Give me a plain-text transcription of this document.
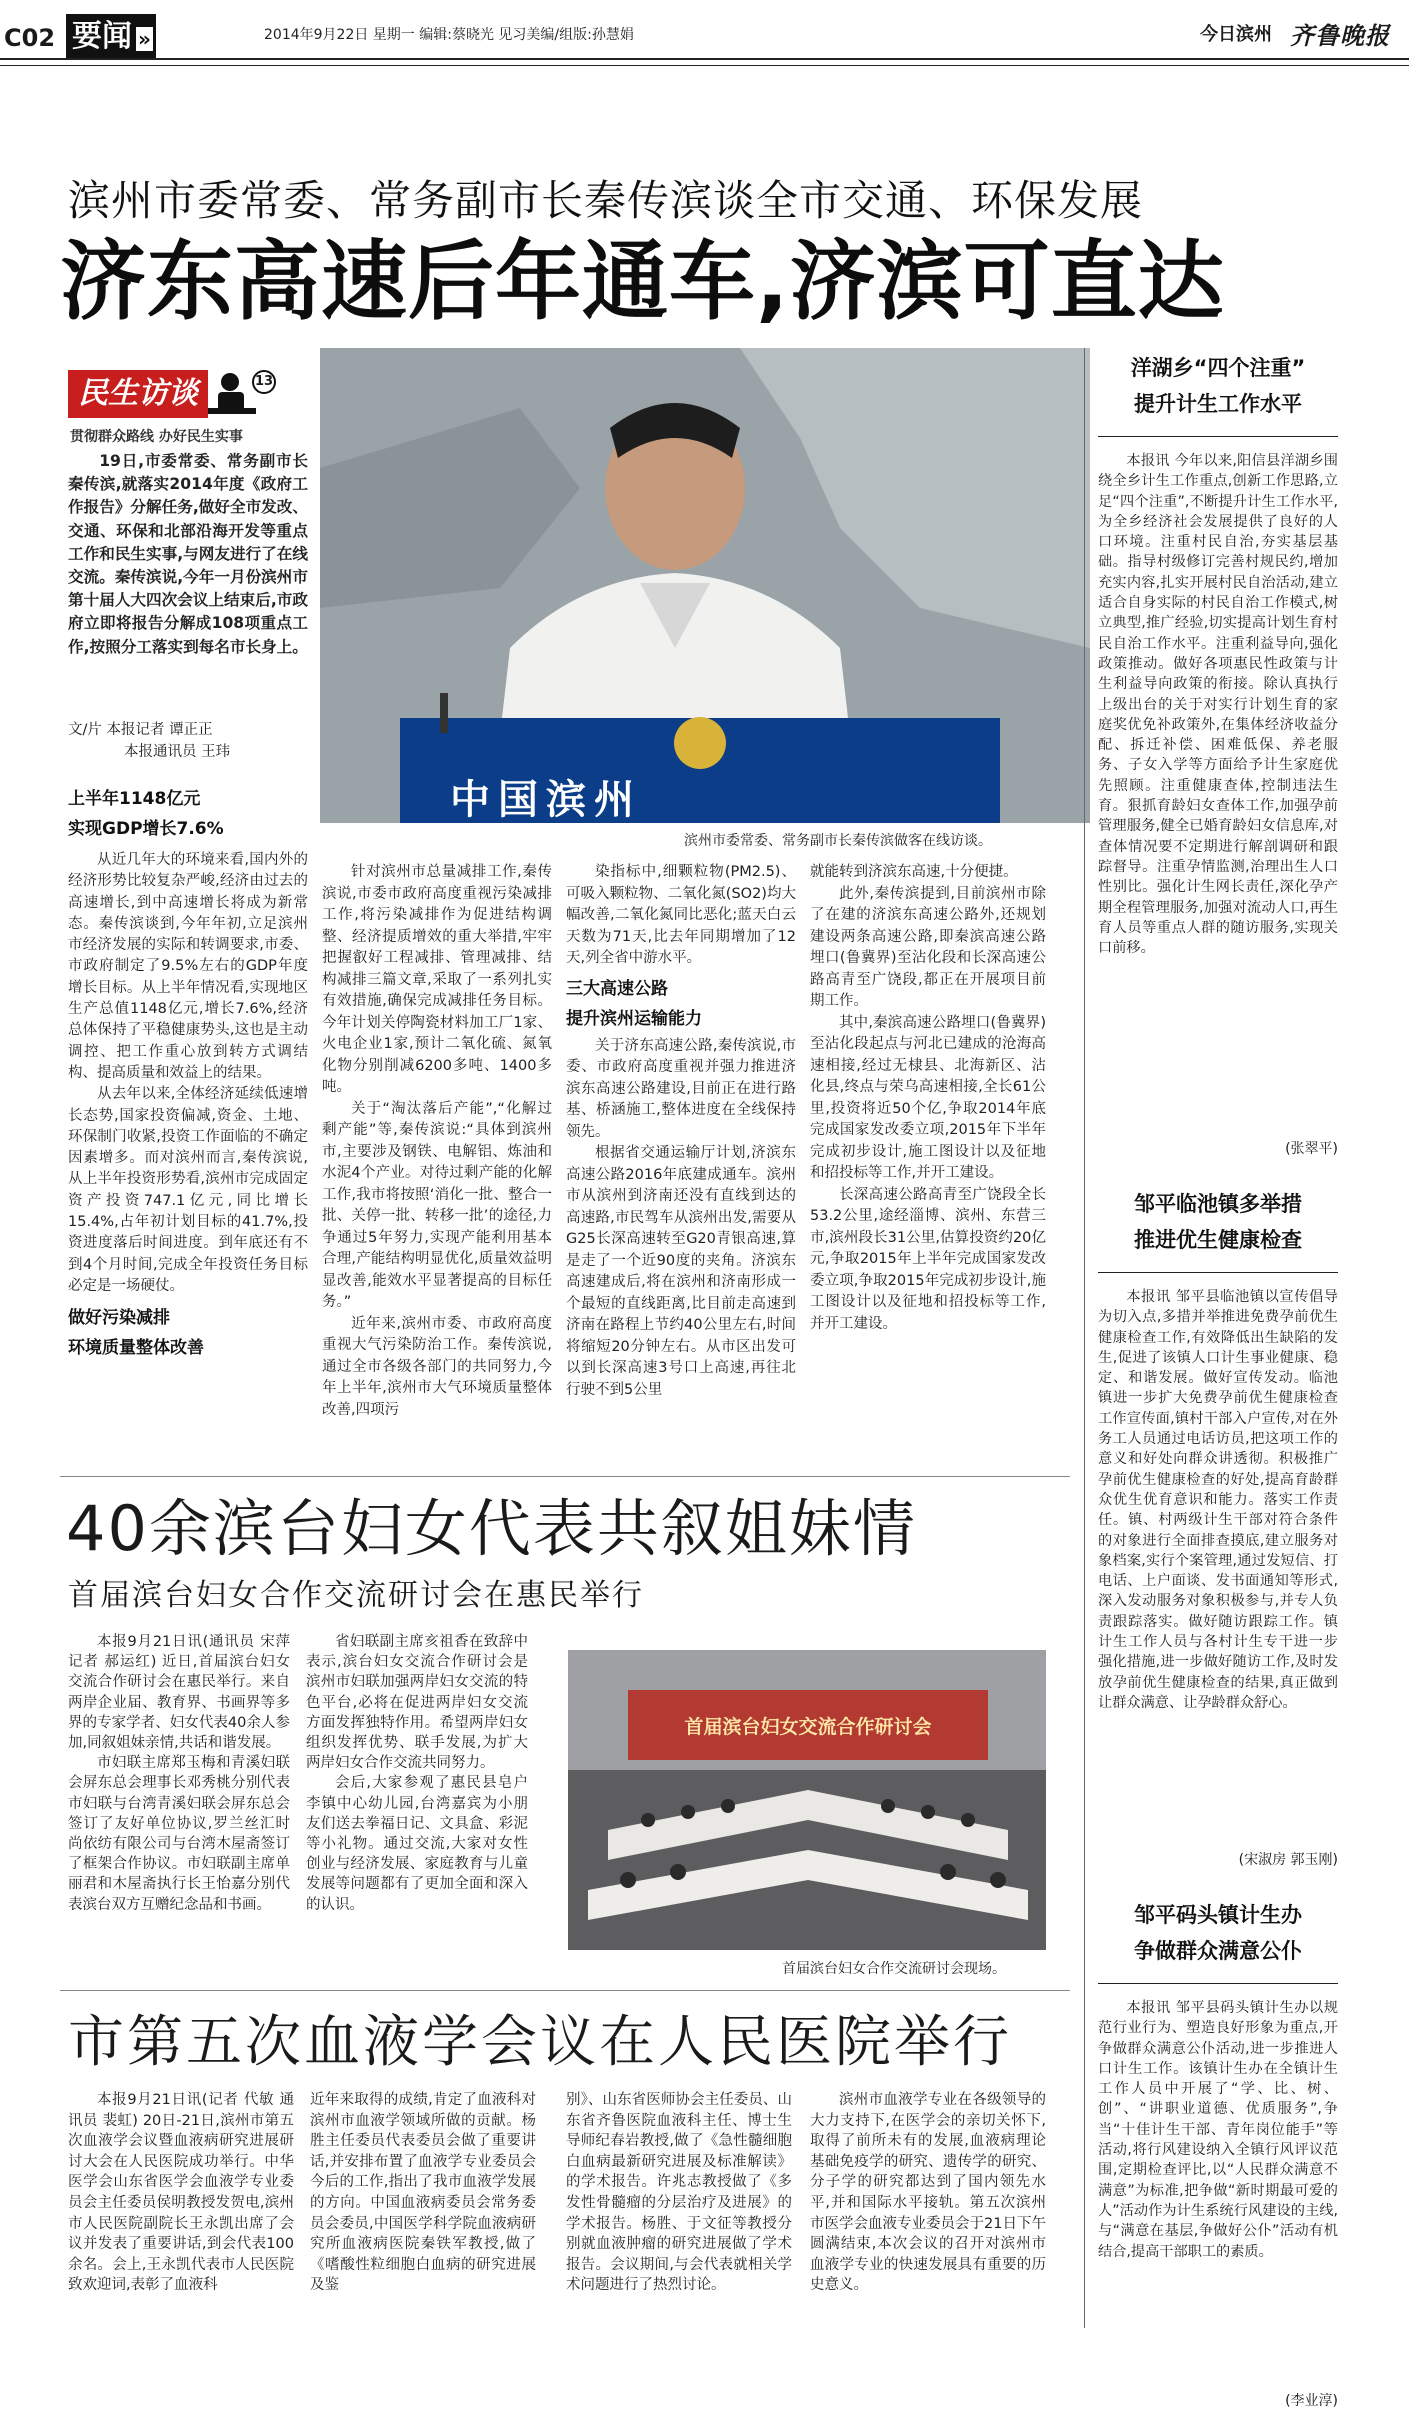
C02 要闻 »	2014年9月22日 星期一 编辑:蔡晓光 见习美编/组版:孙慧娟	今日滨州 齐鲁晚报
滨州市委常委、常务副市长秦传滨谈全市交通、环保发展
济东高速后年通车,济滨可直达
民生访谈	13
贯彻群众路线 办好民生实事
中国滨州
滨州市委常委、常务副市长秦传滨做客在线访谈。

19日,市委常委、常务副市长秦传滨,就落实2014年度《政府工作报告》分解任务,做好全市发改、交通、环保和北部沿海开发等重点工作和民生实事,与网友进行了在线交流。秦传滨说,今年一月份滨州市第十届人大四次会议上结束后,市政府立即将报告分解成108项重点工作,按照分工落实到每名市长身上。

文/片 本报记者 谭正正
本报通讯员 王玮
上半年1148亿元
实现GDP增长7.6%

从近几年大的环境来看,国内外的经济形势比较复杂严峻,经济由过去的高速增长,到中高速增长将成为新常态。秦传滨谈到,今年年初,立足滨州市经济发展的实际和转调要求,市委、市政府制定了9.5%左右的GDP年度增长目标。从上半年情况看,实现地区生产总值1148亿元,增长7.6%,经济总体保持了平稳健康势头,这也是主动调控、把工作重心放到转方式调结构、提高质量和效益上的结果。

从去年以来,全体经济延续低速增长态势,国家投资偏减,资金、土地、环保制门收紧,投资工作面临的不确定因素增多。而对滨州而言,秦传滨说,从上半年投资形势看,滨州市完成固定资产投资747.1亿元,同比增长15.4%,占年初计划目标的41.7%,投资进度落后时间进度。到年底还有不到4个月时间,完成全年投资任务目标必定是一场硬仗。

做好污染减排
环境质量整体改善

针对滨州市总量减排工作,秦传滨说,市委市政府高度重视污染减排工作,将污染减排作为促进结构调整、经济提质增效的重大举措,牢牢把握叡好工程减排、管理减排、结构减排三篇文章,采取了一系列扎实有效措施,确保完成减排任务目标。今年计划关停陶瓷材料加工厂1家、火电企业1家,预计二氧化硫、氮氧化物分别削减6200多吨、1400多吨。

关于“淘汰落后产能”,“化解过剩产能”等,秦传滨说:“具体到滨州市,主要涉及钢铁、电解铝、炼油和水泥4个产业。对待过剩产能的化解工作,我市将按照‘消化一批、整合一批、关停一批、转移一批’的途径,力争通过5年努力,实现产能利用基本合理,产能结构明显优化,质量效益明显改善,能效水平显著提高的目标任务。”

近年来,滨州市委、市政府高度重视大气污染防治工作。秦传滨说,通过全市各级各部门的共同努力,今年上半年,滨州市大气环境质量整体改善,四项污

染指标中,细颗粒物(PM2.5)、可吸入颗粒物、二氧化氮(SO2)均大幅改善,二氧化氮同比恶化;蓝天白云天数为71天,比去年同期增加了12天,列全省中游水平。

三大高速公路
提升滨州运输能力

关于济东高速公路,秦传滨说,市委、市政府高度重视并强力推进济滨东高速公路建设,目前正在进行路基、桥涵施工,整体进度在全线保持领先。

根据省交通运输厅计划,济滨东高速公路2016年底建成通车。滨州市从滨州到济南还没有直线到达的高速路,市民驾车从滨州出发,需要从G25长深高速转至G20青银高速,算是走了一个近90度的夹角。济滨东高速建成后,将在滨州和济南形成一个最短的直线距离,比目前走高速到济南在路程上节约40公里左右,时间将缩短20分钟左右。从市区出发可以到长深高速3号口上高速,再往北行驶不到5公里

就能转到济滨东高速,十分便捷。

此外,秦传滨提到,目前滨州市除了在建的济滨东高速公路外,还规划建设两条高速公路,即秦滨高速公路埋口(鲁冀界)至沾化段和长深高速公路高青至广饶段,都正在开展项目前期工作。

其中,秦滨高速公路埋口(鲁冀界)至沾化段起点与河北已建成的沧海高速相接,经过无棣县、北海新区、沾化县,终点与荣乌高速相接,全长61公里,投资将近50个亿,争取2014年底完成国家发改委立项,2015年下半年完成初步设计,施工图设计以及征地和招投标等工作,并开工建设。

长深高速公路高青至广饶段全长53.2公里,途经淄博、滨州、东营三市,滨州段长31公里,估算投资约20亿元,争取2015年上半年完成国家发改委立项,争取2015年完成初步设计,施工图设计以及征地和招投标等工作,并开工建设。

40余滨台妇女代表共叙姐妹情
首届滨台妇女合作交流研讨会在惠民举行

本报9月21日讯(通讯员 宋萍 记者 郝运红) 近日,首届滨台妇女交流合作研讨会在惠民举行。来自两岸企业届、教育界、书画界等多界的专家学者、妇女代表40余人参加,同叙姐妹亲情,共话和谐发展。

市妇联主席郑玉梅和青溪妇联会屏东总会理事长邓秀桃分别代表市妇联与台湾青溪妇联会屏东总会签订了友好单位协议,罗兰丝汇时尚依纺有限公司与台湾木屋斋签订了框架合作协议。市妇联副主席单丽君和木屋斋执行长王怡嘉分别代表滨台双方互赠纪念品和书画。

省妇联副主席亥祖香在致辞中表示,滨台妇女交流合作研讨会是滨州市妇联加强两岸妇女交流的特色平台,必将在促进两岸妇女交流方面发挥独特作用。希望两岸妇女组织发挥优势、联手发展,为扩大两岸妇女合作交流共同努力。

会后,大家参观了惠民县皂户李镇中心幼儿园,台湾嘉宾为小朋友们送去拳福日记、文具盒、彩泥等小礼物。通过交流,大家对女性创业与经济发展、家庭教育与儿童发展等问题都有了更加全面和深入的认识。

首届滨台妇女交流合作研讨会
首届滨台妇女合作交流研讨会现场。
市第五次血液学会议在人民医院举行

本报9月21日讯(记者 代敏 通讯员 裴虹) 20日-21日,滨州市第五次血液学会议暨血液病研究进展研讨大会在人民医院成功举行。中华医学会山东省医学会血液学专业委员会主任委员侯明教授发贺电,滨州市人民医院副院长王永凯出席了会议并发表了重要讲话,到会代表100余名。会上,王永凯代表市人民医院致欢迎词,表彰了血液科

近年来取得的成绩,肯定了血液科对滨州市血液学领域所做的贡献。杨胜主任委员代表委员会做了重要讲话,并安排布置了血液学专业委员会今后的工作,指出了我市血液学发展的方向。中国血液病委员会常务委员会委员,中国医学科学院血液病研究所血液病医院秦铁军教授,做了《嗜酸性粒细胞白血病的研究进展及鉴

别》、山东省医师协会主任委员、山东省齐鲁医院血液科主任、博士生导师纪春岩教授,做了《急性髓细胞白血病最新研究进展及标准解读》的学术报告。许兆志教授做了《多发性骨髓瘤的分层治疗及进展》的学术报告。杨胜、于文征等教授分别就血液肿瘤的研究进展做了学术报告。会议期间,与会代表就相关学术问题进行了热烈讨论。

滨州市血液学专业在各级领导的大力支持下,在医学会的亲切关怀下,取得了前所未有的发展,血液病理论基础免疫学的研究、遗传学的研究、分子学的研究都达到了国内领先水平,并和国际水平接轨。第五次滨州市医学会血液专业委员会于21日下午圆满结束,本次会议的召开对滨州市血液学专业的快速发展具有重要的历史意义。

洋湖乡“四个注重”
提升计生工作水平

本报讯 今年以来,阳信县洋湖乡围绕全乡计生工作重点,创新工作思路,立足“四个注重”,不断提升计生工作水平,为全乡经济社会发展提供了良好的人口环境。注重村民自治,夯实基层基础。指导村级修订完善村规民约,增加充实内容,扎实开展村民自治活动,建立适合自身实际的村民自治工作模式,树立典型,推广经验,切实提高计划生育村民自治工作水平。注重利益导向,强化政策推动。做好各项惠民性政策与计生利益导向政策的衔接。除认真执行上级出台的关于对实行计划生育的家庭奖优免补政策外,在集体经济收益分配、拆迁补偿、困难低保、养老服务、子女入学等方面给予计生家庭优先照顾。注重健康查体,控制违法生育。狠抓育龄妇女查体工作,加强孕前管理服务,健全已婚育龄妇女信息库,对查体情况要不定期进行解剖调研和跟踪督导。注重孕情监测,治理出生人口性别比。强化计生网长责任,深化孕产期全程管理服务,加强对流动人口,再生育人员等重点人群的随访服务,实现关口前移。

(张翠平)
邹平临池镇多举措
推进优生健康检查

本报讯 邹平县临池镇以宣传倡导为切入点,多措并举推进免费孕前优生健康检查工作,有效降低出生缺陷的发生,促进了该镇人口计生事业健康、稳定、和谐发展。做好宣传发动。临池镇进一步扩大免费孕前优生健康检查工作宣传面,镇村干部入户宣传,对在外务工人员通过电话访员,把这项工作的意义和好处向群众讲透彻。积极推广孕前优生健康检查的好处,提高育龄群众优生优育意识和能力。落实工作责任。镇、村两级计生干部对符合条件的对象进行全面排查摸底,建立服务对象档案,实行个案管理,通过发短信、打电话、上户面谈、发书面通知等形式,深入发动服务对象积极参与,并专人负责跟踪落实。做好随访跟踪工作。镇计生工作人员与各村计生专干进一步强化措施,进一步做好随访工作,及时发放孕前优生健康检查的结果,真正做到让群众满意、让孕龄群众舒心。

(宋淑房 郭玉刚)
邹平码头镇计生办
争做群众满意公仆

本报讯 邹平县码头镇计生办以规范行业行为、塑造良好形象为重点,开争做群众满意公仆活动,进一步推进人口计生工作。该镇计生办在全镇计生工作人员中开展了“学、比、树、创”、“讲职业道德、优质服务”,争当“十佳计生干部、青年岗位能手”等活动,将行风建设纳入全镇行风评议范围,定期检查评比,以“人民群众满意不满意”为标准,把争做“新时期最可爱的人”活动作为计生系统行风建设的主线,与“满意在基层,争做好公仆”活动有机结合,提高干部职工的素质。

(李业淳)
